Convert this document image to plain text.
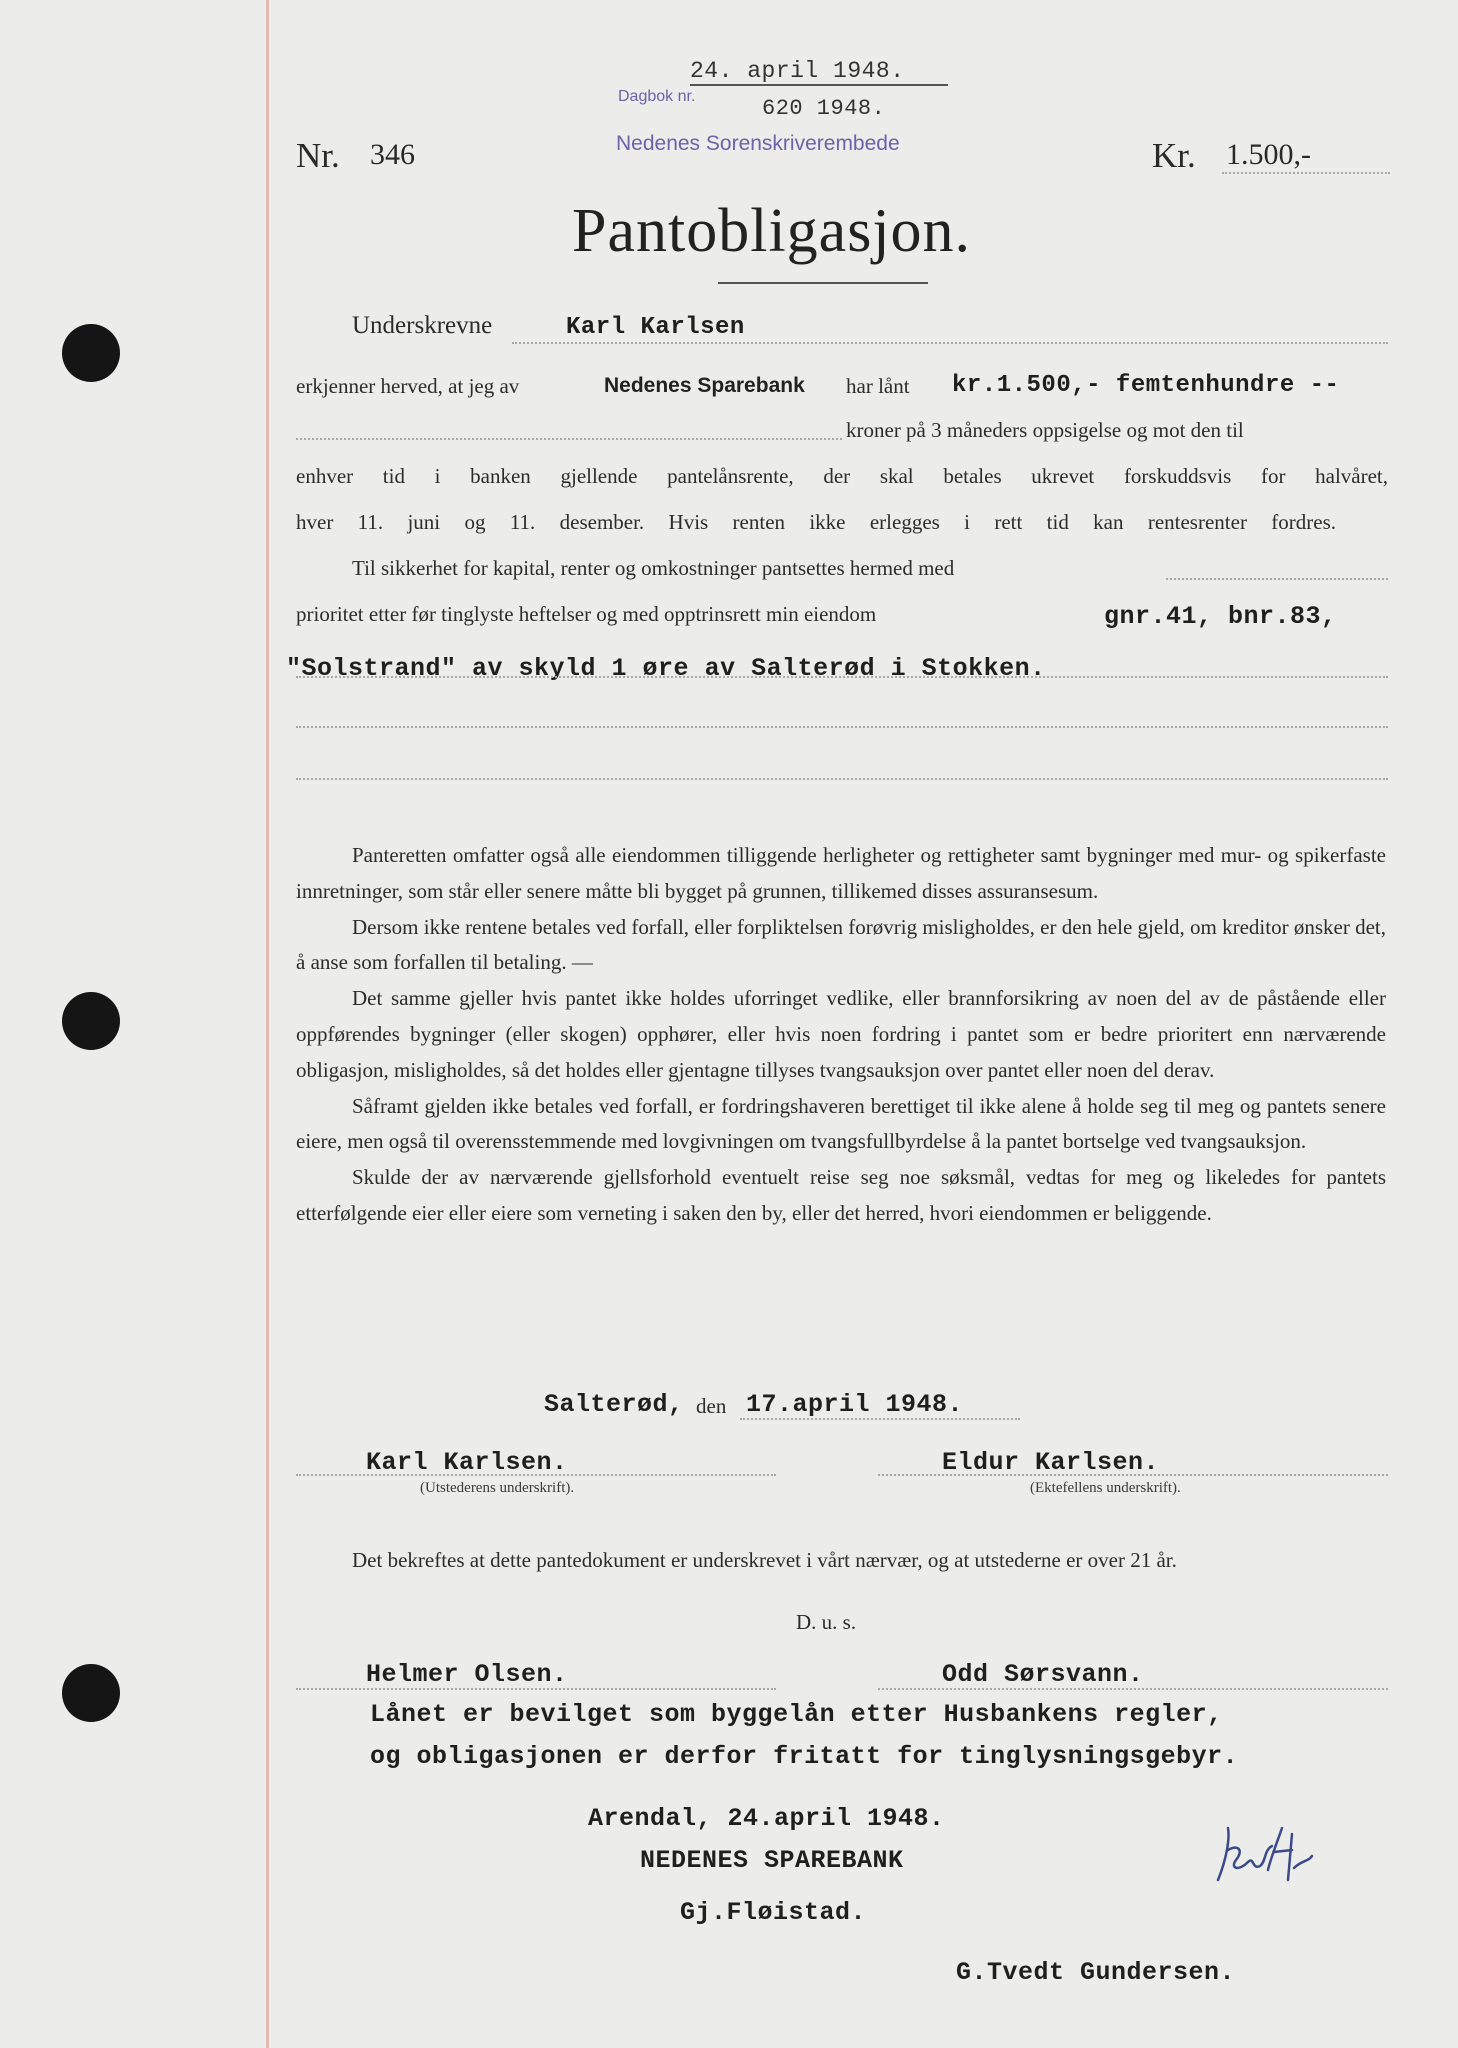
24. april 1948.
Dagbok nr.	620 1948.
Nedenes Sorenskriverembede
Nr. 346	Kr. 1.500,-
Pantobligasjon.
Underskrevne	Karl Karlsen
erkjenner herved, at jeg av	Nedenes Sparebank har lånt kr.1.500,- femtenhundre --
kroner på 3 måneders oppsigelse og mot den til
enhver tid i banken gjellende pantelånsrente, der skal betales ukrevet forskuddsvis for halvåret,
hver 11. juni og 11. desember. Hvis renten ikke erlegges i rett tid kan rentesrenter fordres.
Til sikkerhet for kapital, renter og omkostninger pantsettes hermed med
prioritet etter før tinglyste heftelser og med opptrinsrett min eiendom	gnr.41, bnr.83,
"Solstrand" av skyld 1 øre av Salterød i Stokken.

Panteretten omfatter også alle eiendommen tilliggende herligheter og rettigheter samt bygninger med mur- og spikerfaste innretninger, som står eller senere måtte bli bygget på grunnen, tillikemed disses assuransesum.

Dersom ikke rentene betales ved forfall, eller forpliktelsen forøvrig misligholdes, er den hele gjeld, om kreditor ønsker det, å anse som forfallen til betaling. —

Det samme gjeller hvis pantet ikke holdes uforringet vedlike, eller brannforsikring av noen del av de påstående eller oppførendes bygninger (eller skogen) opphører, eller hvis noen fordring i pantet som er bedre prioritert enn nærværende obligasjon, misligholdes, så det holdes eller gjentagne tillyses tvangsauksjon over pantet eller noen del derav.

Såframt gjelden ikke betales ved forfall, er fordringshaveren berettiget til ikke alene å holde seg til meg og pantets senere eiere, men også til overensstemmende med lovgivningen om tvangsfullbyrdelse å la pantet bortselge ved tvangsauksjon.

Skulde der av nærværende gjellsforhold eventuelt reise seg noe søksmål, vedtas for meg og likeledes for pantets etterfølgende eier eller eiere som verneting i saken den by, eller det herred, hvori eiendommen er beliggende.

Salterød, den 17.april 1948.
Karl Karlsen.
(Utstederens underskrift).
Eldur Karlsen.
(Ektefellens underskrift).
Det bekreftes at dette pantedokument er underskrevet i vårt nærvær, og at utstederne er over 21 år.
D. u. s.
Helmer Olsen.	Odd Sørsvann.
Lånet er bevilget som byggelån etter Husbankens regler,
og obligasjonen er derfor fritatt for tinglysningsgebyr.
Arendal, 24.april 1948.
NEDENES SPAREBANK
Gj.Fløistad.
G.Tvedt Gundersen.
